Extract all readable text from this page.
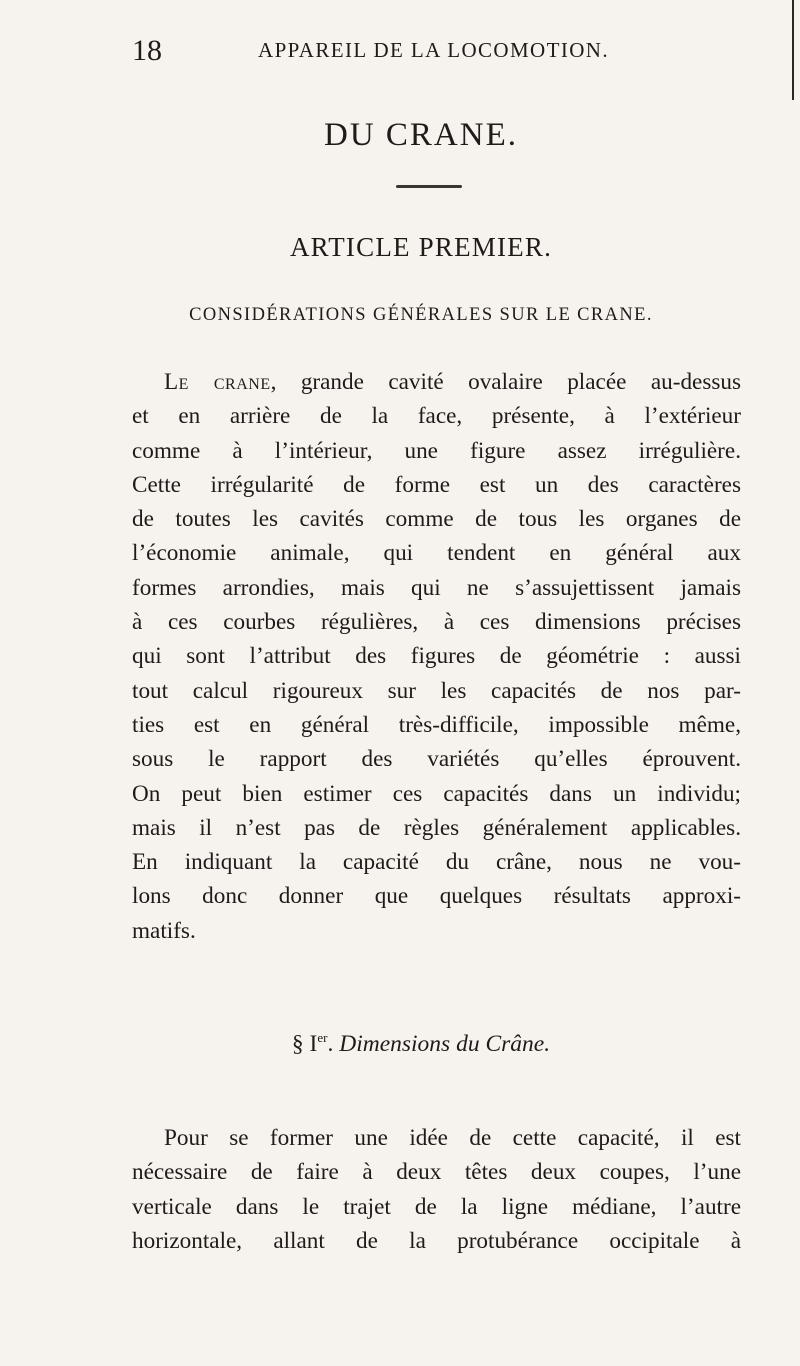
18	APPAREIL DE LA LOCOMOTION.
DU CRANE.
ARTICLE PREMIER.
CONSIDÉRATIONS GÉNÉRALES SUR LE CRANE.
Le crane, grande cavité ovalaire placée au-dessus
et en arrière de la face, présente, à l’extérieur
comme à l’intérieur, une figure assez irrégulière.
Cette irrégularité de forme est un des caractères
de toutes les cavités comme de tous les organes de
l’économie animale, qui tendent en général aux
formes arrondies, mais qui ne s’assujettissent jamais
à ces courbes régulières, à ces dimensions précises
qui sont l’attribut des figures de géométrie : aussi
tout calcul rigoureux sur les capacités de nos par-
ties est en général très-difficile, impossible même,
sous le rapport des variétés qu’elles éprouvent.
On peut bien estimer ces capacités dans un individu;
mais il n’est pas de règles généralement applicables.
En indiquant la capacité du crâne, nous ne vou-
lons donc donner que quelques résultats approxi-
matifs.
§ Ier. Dimensions du Crâne.
Pour se former une idée de cette capacité, il est
nécessaire de faire à deux têtes deux coupes, l’une
verticale dans le trajet de la ligne médiane, l’autre
horizontale, allant de la protubérance occipitale à
